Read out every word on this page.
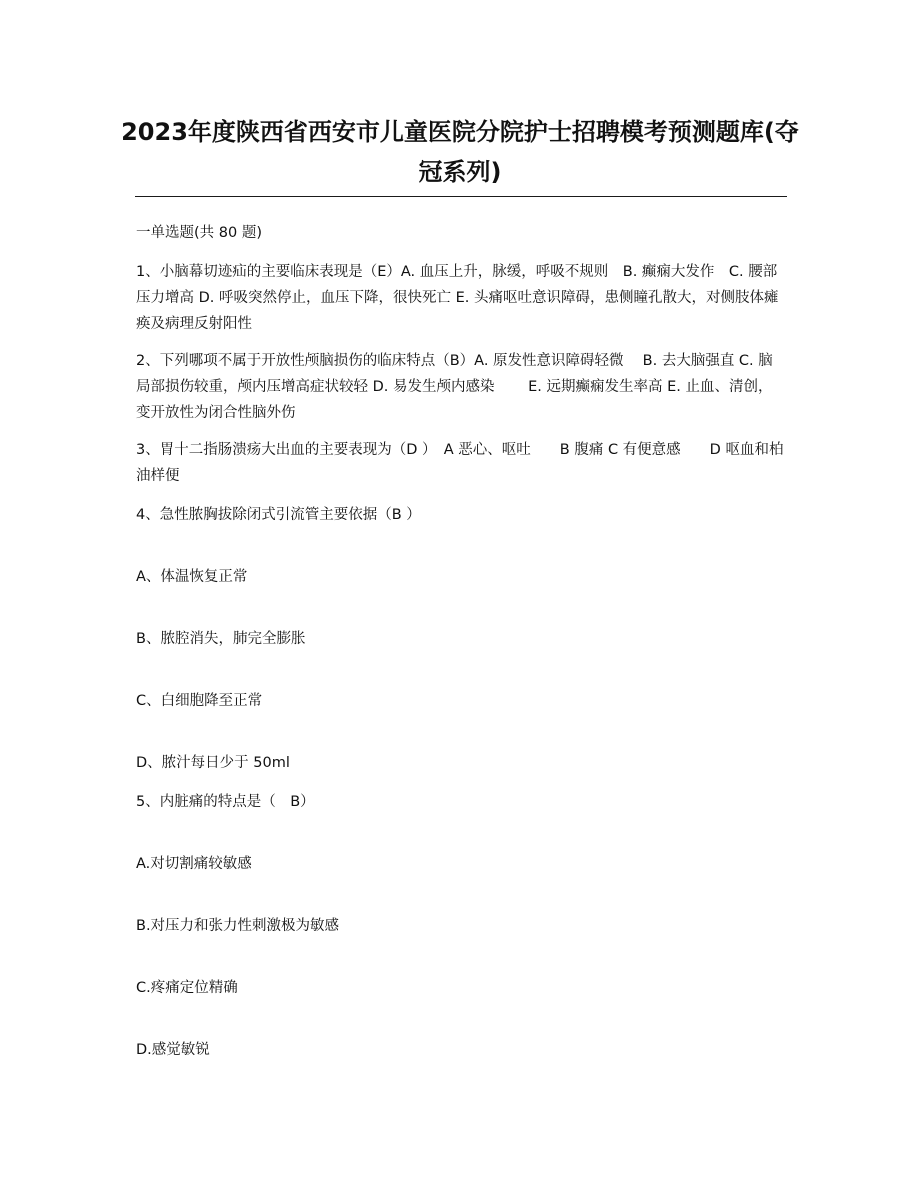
2023年度陕西省西安市儿童医院分院护士招聘模考预测题库(夺冠系列)

一单选题(共 80 题)

1、小脑幕切迹疝的主要临床表现是（E）A. 血压上升，脉缓，呼吸不规则　B. 癫痫大发作　C. 腰部压力增高 D. 呼吸突然停止，血压下降，很快死亡 E. 头痛呕吐意识障碍，患侧瞳孔散大，对侧肢体瘫痪及病理反射阳性

2、下列哪项不属于开放性颅脑损伤的临床特点（B）A. 原发性意识障碍轻微　 B. 去大脑强直 C. 脑局部损伤较重，颅内压增高症状较轻 D. 易发生颅内感染　　 E. 远期癫痫发生率高 E. 止血、清创，变开放性为闭合性脑外伤

3、胃十二指肠溃疡大出血的主要表现为（D ）　A 恶心、呕吐　　B 腹痛 C 有便意感　　D 呕血和柏油样便

4、急性脓胸拔除闭式引流管主要依据（B ）

A、体温恢复正常

B、脓腔消失，肺完全膨胀

C、白细胞降至正常

D、脓汁每日少于 50ml

5、内脏痛的特点是（　B）

A.对切割痛较敏感

B.对压力和张力性刺激极为敏感

C.疼痛定位精确

D.感觉敏锐
